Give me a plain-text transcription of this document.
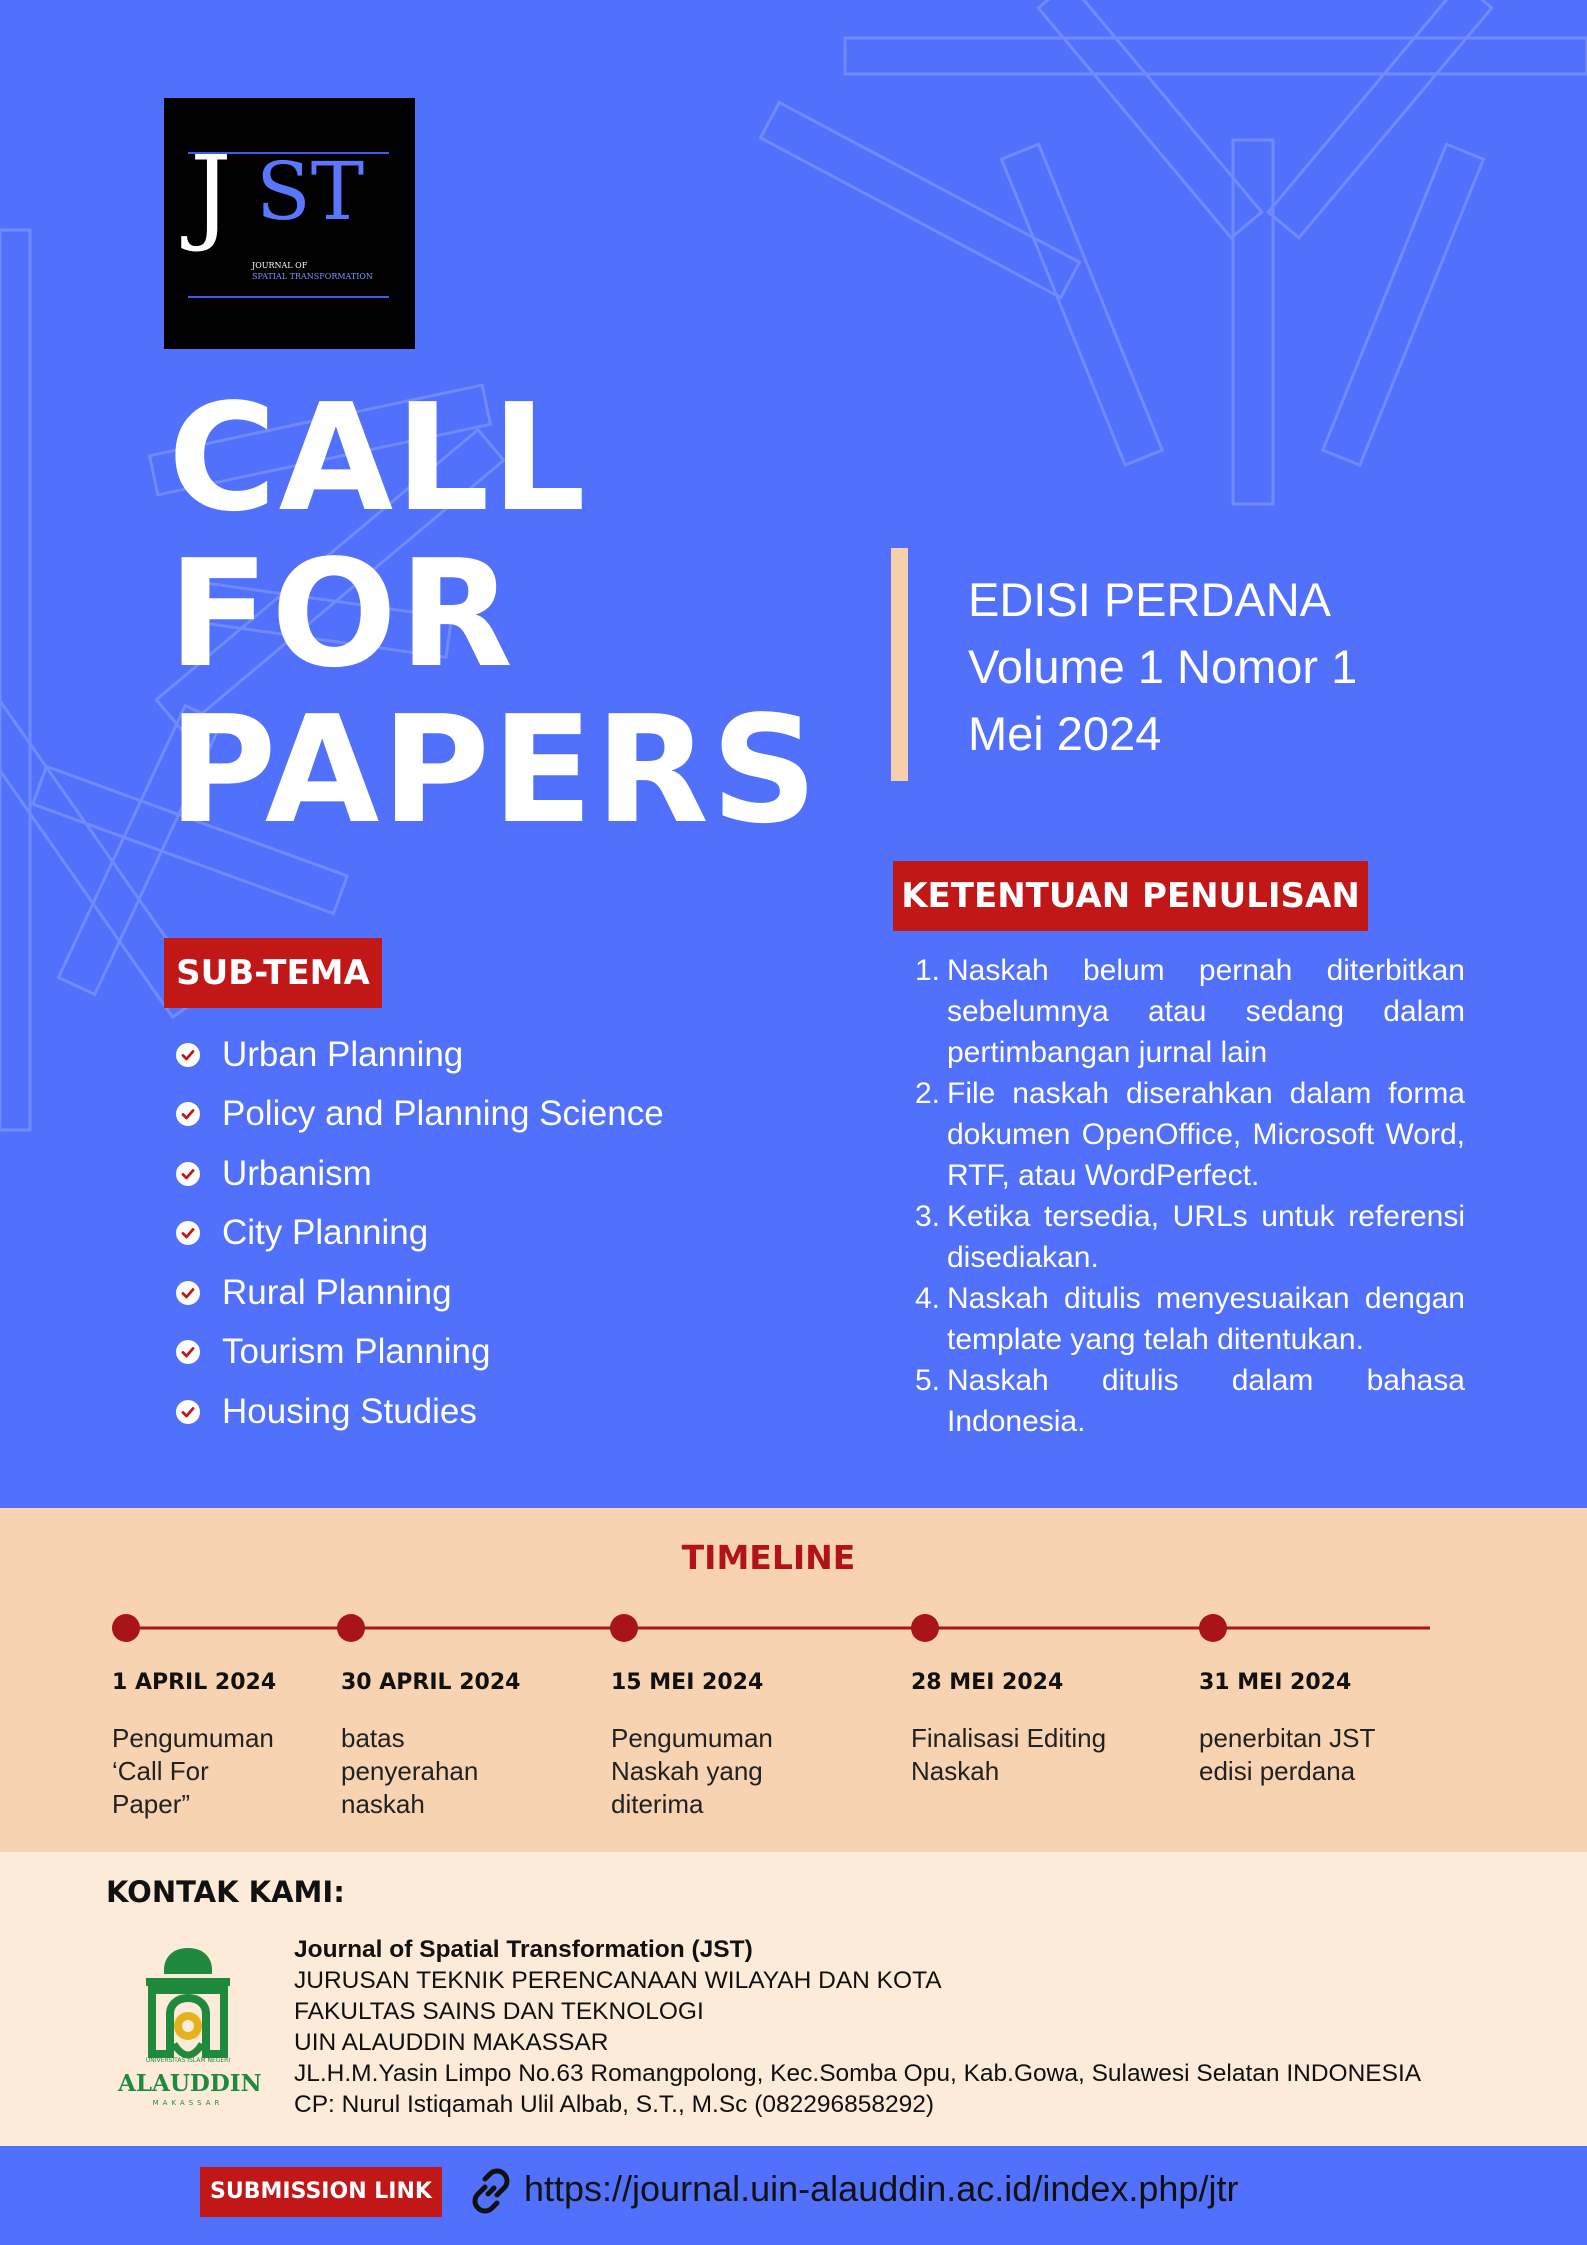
J ST
JOURNAL OF
SPATIAL TRANSFORMATION
CALL
FOR
PAPERS
EDISI PERDANA
Volume 1 Nomor 1
Mei 2024
KETENTUAN PENULISAN
SUB-TEMA
Urban Planning
Policy and Planning Science
Urbanism
City Planning
Rural Planning
Tourism Planning
Housing Studies
1. Naskah belum pernah diterbitkan sebelumnya atau sedang dalam pertimbangan jurnal lain
2. File naskah diserahkan dalam forma dokumen OpenOffice, Microsoft Word, RTF, atau WordPerfect.
3. Ketika tersedia, URLs untuk referensi disediakan.
4. Naskah ditulis menyesuaikan dengan template yang telah ditentukan.
5. Naskah ditulis dalam bahasa Indonesia.
TIMELINE
1 APRIL 2024
Pengumuman
‘Call For
Paper”
30 APRIL 2024
batas
penyerahan
naskah
15 MEI 2024
Pengumuman
Naskah yang
diterima
28 MEI 2024
Finalisasi Editing
Naskah
31 MEI 2024
penerbitan JST
edisi perdana
KONTAK KAMI:
UNIVERSITAS ISLAM NEGERI
ALAUDDIN
MAKASSAR
Journal of Spatial Transformation (JST)
JURUSAN TEKNIK PERENCANAAN WILAYAH DAN KOTA
FAKULTAS SAINS DAN TEKNOLOGI
UIN ALAUDDIN MAKASSAR
JL.H.M.Yasin Limpo No.63 Romangpolong, Kec.Somba Opu, Kab.Gowa, Sulawesi Selatan INDONESIA
CP: Nurul Istiqamah Ulil Albab, S.T., M.Sc (082296858292)
SUBMISSION LINK	https://journal.uin-alauddin.ac.id/index.php/jtr
